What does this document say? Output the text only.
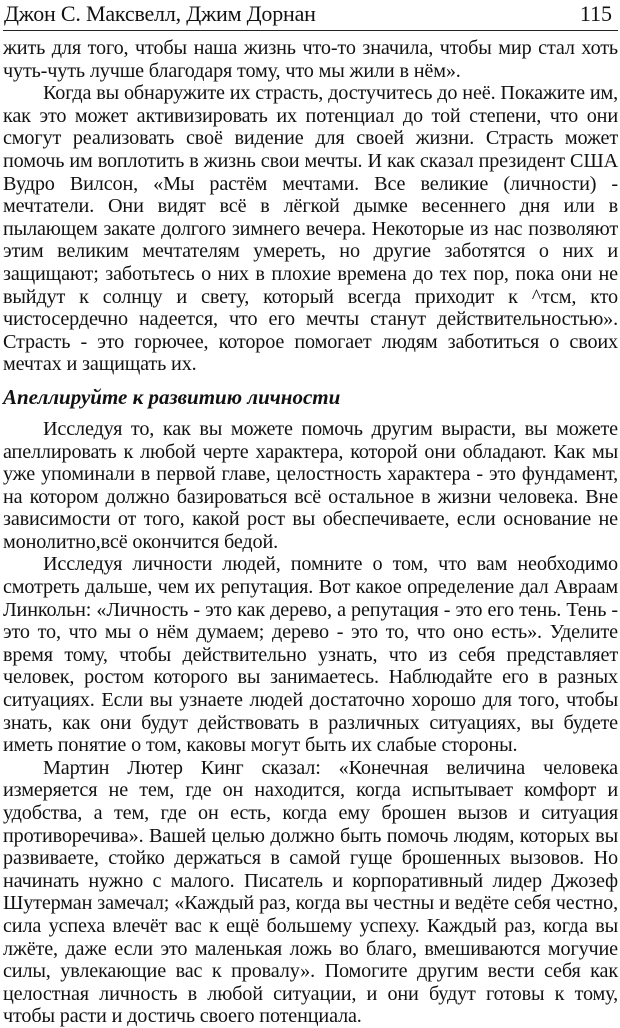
Джон С. Максвелл, Джим Дорнан	115

жить для того, чтобы наша жизнь что-то значила, чтобы мир стал хоть чуть-чуть лучше благодаря тому, что мы жили в нём».

Когда вы обнаружите их страсть, достучитесь до неё. Покажите им, как это может активизировать их потенциал до той степени, что они смогут реализовать своё видение для своей жизни. Страсть может помочь им воплотить в жизнь свои мечты. И как сказал президент США Вудро Вилсон, «Мы растём мечтами. Все великие (личности) - мечтатели. Они видят всё в лёгкой дымке весеннего дня или в пылающем закате долгого зимнего вечера. Некоторые из нас позволяют этим великим мечтателям умереть, но другие заботятся о них и защищают; заботьтесь о них в плохие времена до тех пор, пока они не выйдут к солнцу и свету, который всегда приходит к ^тсм, кто чистосердечно надеется, что его мечты станут действительностью». Страсть - это горючее, которое помогает людям заботиться о своих мечтах и защищать их.

Апеллируйте к развитию личности

Исследуя то, как вы можете помочь другим вырасти, вы можете апеллировать к любой черте характера, которой они обладают. Как мы уже упоминали в первой главе, целостность характера - это фундамент, на котором должно базироваться всё остальное в жизни человека. Вне зависимости от того, какой рост вы обеспечиваете, если основание не монолитно,всё окончится бедой.

Исследуя личности людей, помните о том, что вам необходимо смотреть дальше, чем их репутация. Вот какое определение дал Авраам Линкольн: «Личность - это как дерево, а репутация - это его тень. Тень - это то, что мы о нём думаем; дерево - это то, что оно есть». Уделите время тому, чтобы действительно узнать, что из себя представляет человек, ростом которого вы занимаетесь. Наблюдайте его в разных ситуациях. Если вы узнаете людей достаточно хорошо для того, чтобы знать, как они будут действовать в различных ситуациях, вы будете иметь понятие о том, каковы могут быть их слабые стороны.

Мартин Лютер Кинг сказал: «Конечная величина человека измеряется не тем, где он находится, когда испытывает комфорт и удобства, а тем, где он есть, когда ему брошен вызов и ситуация противоречива». Вашей целью должно быть помочь людям, которых вы развиваете, стойко держаться в самой гуще брошенных вызовов. Но начинать нужно с малого. Писатель и корпоративный лидер Джозеф Шутерман замечал; «Каждый раз, когда вы честны и ведёте себя честно, сила успеха влечёт вас к ещё большему успеху. Каждый раз, когда вы лжёте, даже если это маленькая ложь во благо, вмешиваются могучие силы, увлекающие вас к провалу». Помогите другим вести себя как целостная личность в любой ситуации, и они будут готовы к тому, чтобы расти и достичь своего потенциала.
